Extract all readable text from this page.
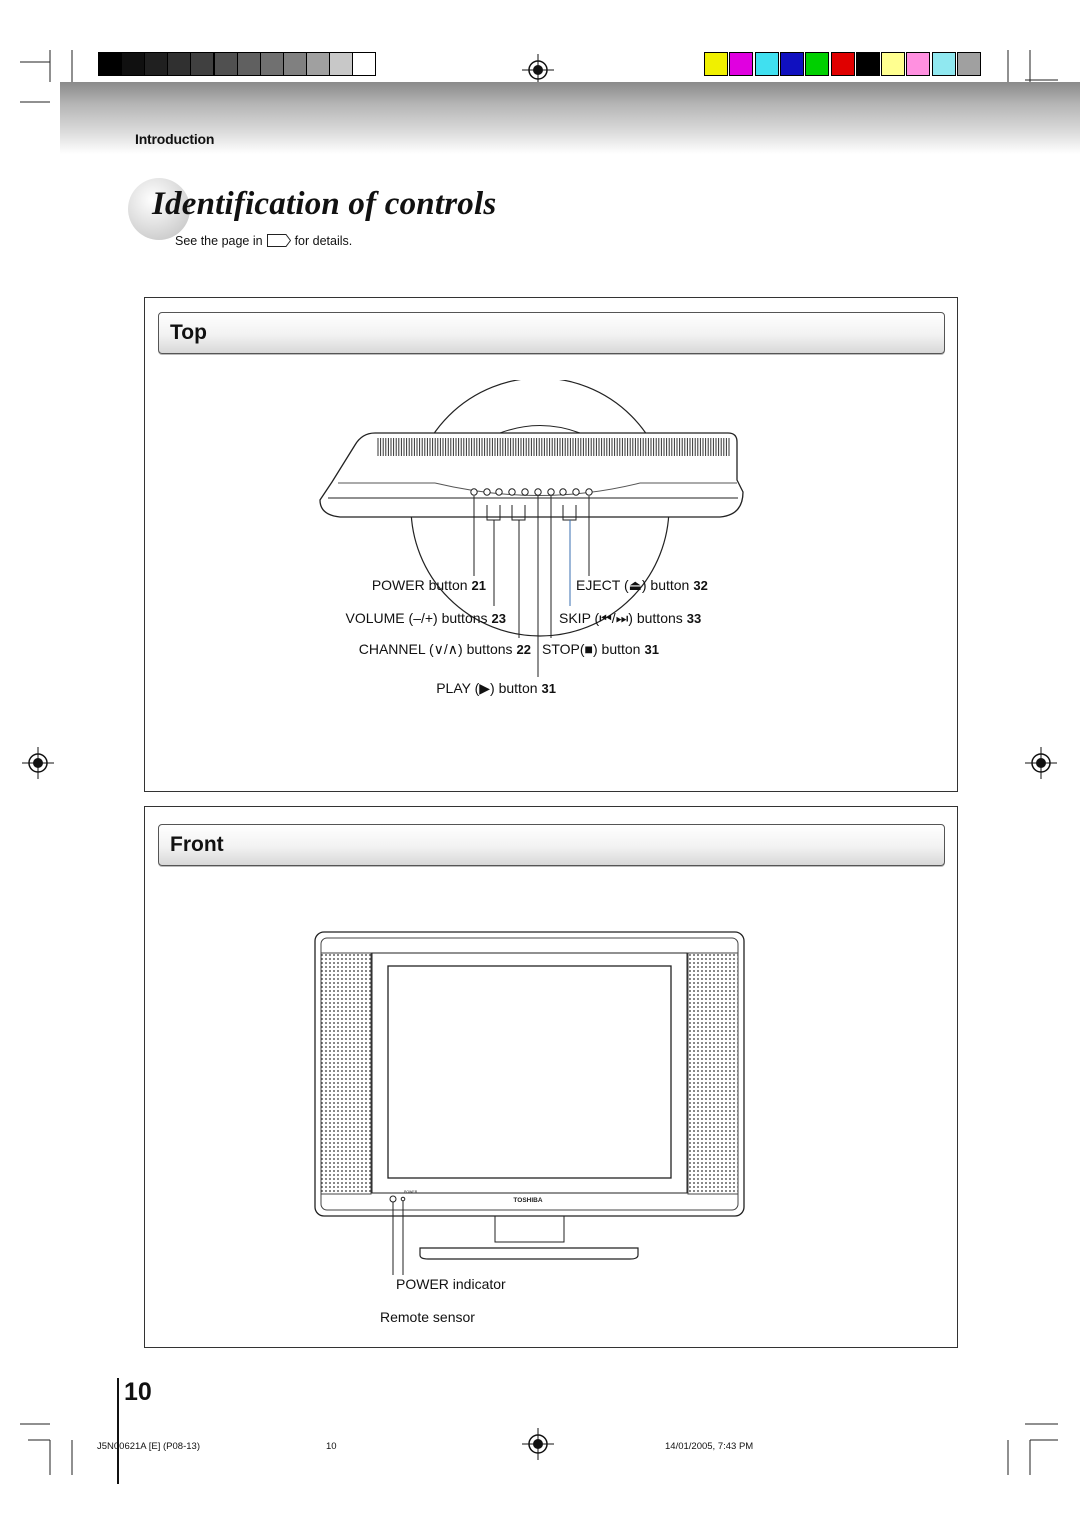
Introduction
Identification of controls
See the page in	for details.
Top
POWER button 21
VOLUME (–/+) buttons 23
CHANNEL (∨/∧) buttons 22
PLAY (▶) button 31
EJECT (⏏) button 32
SKIP (⏮/⏭) buttons 33
STOP(■) button 31
Front
TOSHIBA
POWER
POWER indicator
Remote sensor
10
J5N00621A [E] (P08-13)	10	14/01/2005, 7:43 PM
